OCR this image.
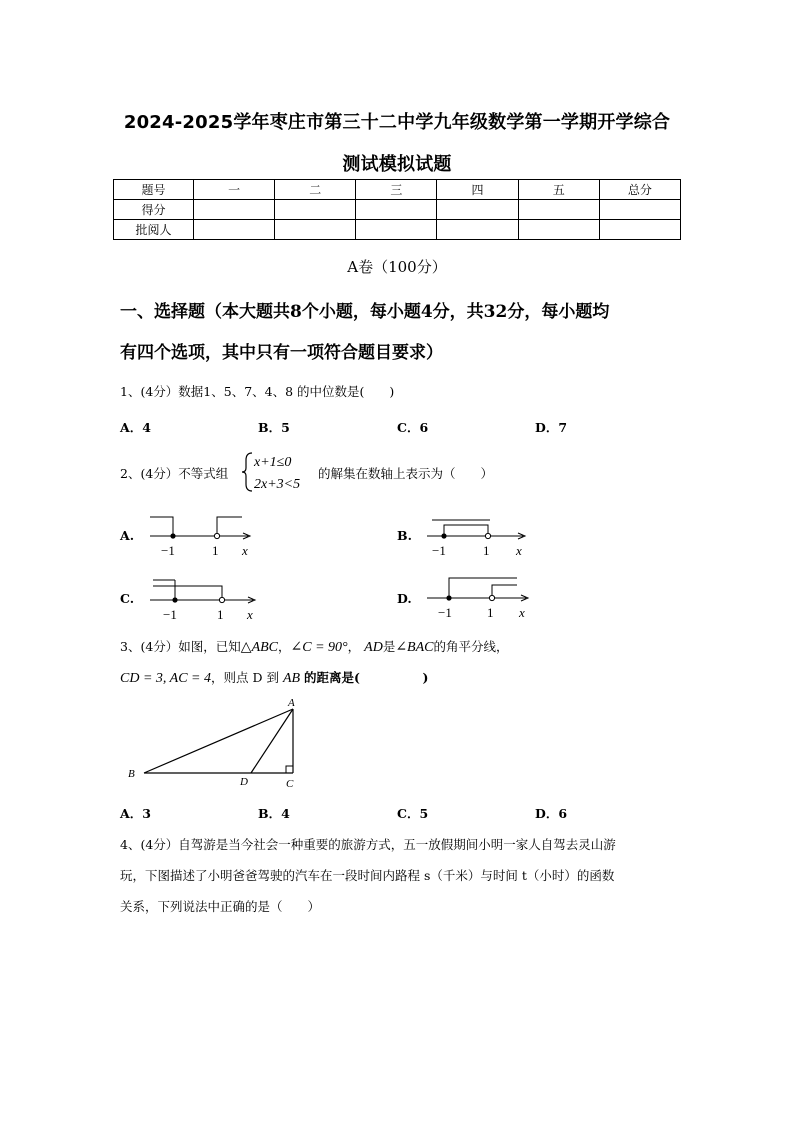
2024-2025学年枣庄市第三十二中学九年级数学第一学期开学综合
测试模拟试题
题号	一	二	三	四	五	总分
得分						
批阅人						
A卷（100分）
一、选择题（本大题共8个小题，每小题4分，共32分，每小题均
有四个选项，其中只有一项符合题目要求）
1、(4分）数据1、5、7、4、8 的中位数是(　　)
A．4	B．5	C．6	D．7
2、(4分）不等式组
x+1≤0
2x+3<5
的解集在数轴上表示为（　　）
A.
−1	1 x
B.
−1	1 x
C.
−1	1 x
D.
−1	1 x
3、(4分）如图，已知△ABC，∠C = 90°， AD是∠BAC的角平分线，
CD = 3, AC = 4，则点 D 到 AB 的距离是(　　　　　)
A
B
C
D
A．3	B．4	C．5	D．6
4、(4分）自驾游是当今社会一种重要的旅游方式，五一放假期间小明一家人自驾去灵山游
玩，下图描述了小明爸爸驾驶的汽车在一段时间内路程 s（千米）与时间 t（小时）的函数
关系，下列说法中正确的是（　　）
